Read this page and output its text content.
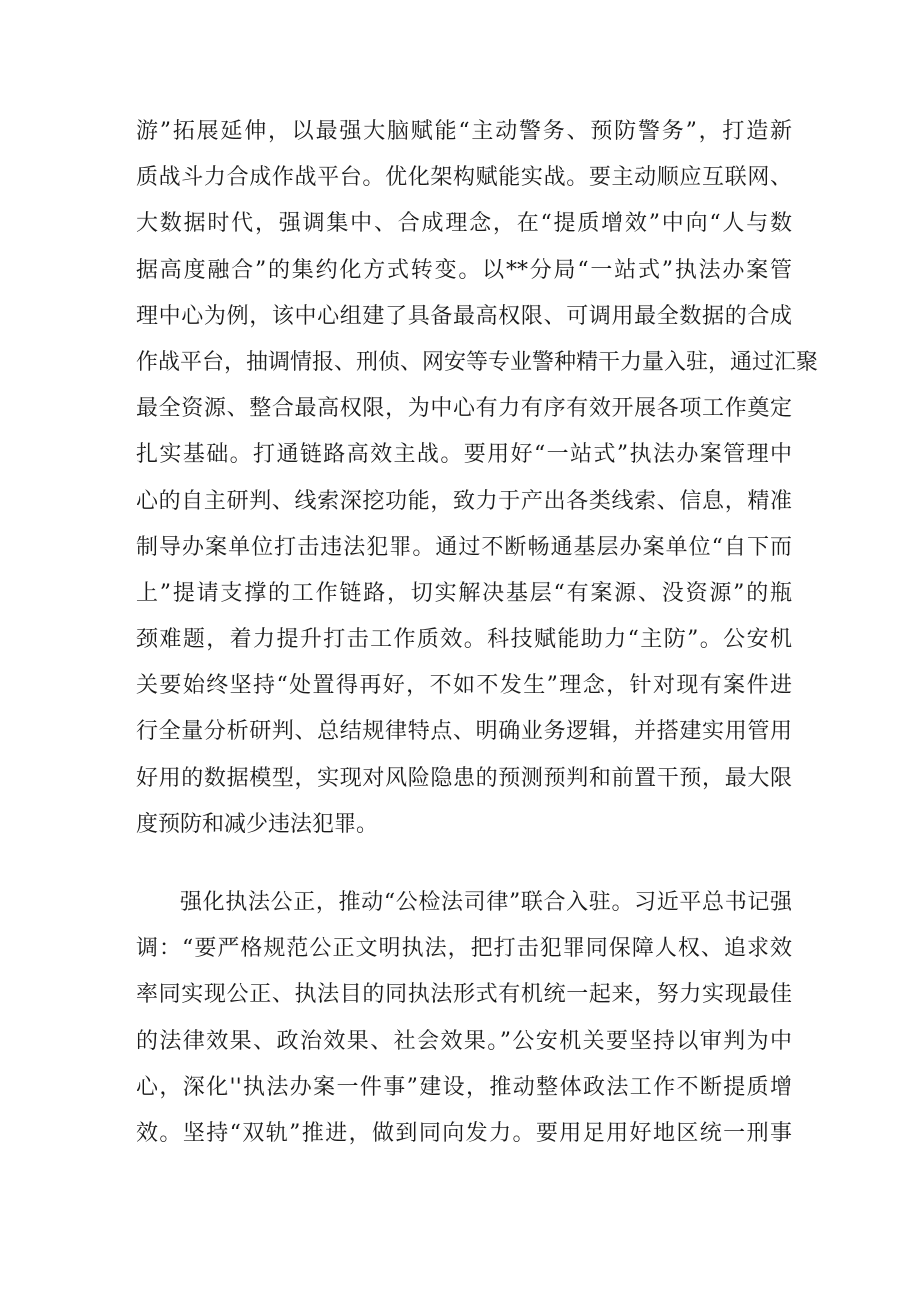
游”拓展延伸，以最强大脑赋能“主动警务、预防警务”，打造新
质战斗力合成作战平台。优化架构赋能实战。要主动顺应互联网、
大数据时代，强调集中、合成理念，在“提质增效”中向“人与数
据高度融合”的集约化方式转变。以**分局“一站式”执法办案管
理中心为例，该中心组建了具备最高权限、可调用最全数据的合成
作战平台，抽调情报、刑侦、网安等专业警种精干力量入驻，通过汇聚
最全资源、整合最高权限，为中心有力有序有效开展各项工作奠定
扎实基础。打通链路高效主战。要用好“一站式”执法办案管理中
心的自主研判、线索深挖功能，致力于产出各类线索、信息，精准
制导办案单位打击违法犯罪。通过不断畅通基层办案单位“自下而
上”提请支撑的工作链路，切实解决基层“有案源、没资源”的瓶
颈难题，着力提升打击工作质效。科技赋能助力“主防”。公安机
关要始终坚持“处置得再好，不如不发生”理念，针对现有案件进
行全量分析研判、总结规律特点、明确业务逻辑，并搭建实用管用
好用的数据模型，实现对风险隐患的预测预判和前置干预，最大限
度预防和减少违法犯罪。
强化执法公正，推动“公检法司律”联合入驻。习近平总书记强
调：“要严格规范公正文明执法，把打击犯罪同保障人权、追求效
率同实现公正、执法目的同执法形式有机统一起来，努力实现最佳
的法律效果、政治效果、社会效果。”公安机关要坚持以审判为中
心，深化''执法办案一件事”建设，推动整体政法工作不断提质增
效。坚持“双轨”推进，做到同向发力。要用足用好地区统一刑事
